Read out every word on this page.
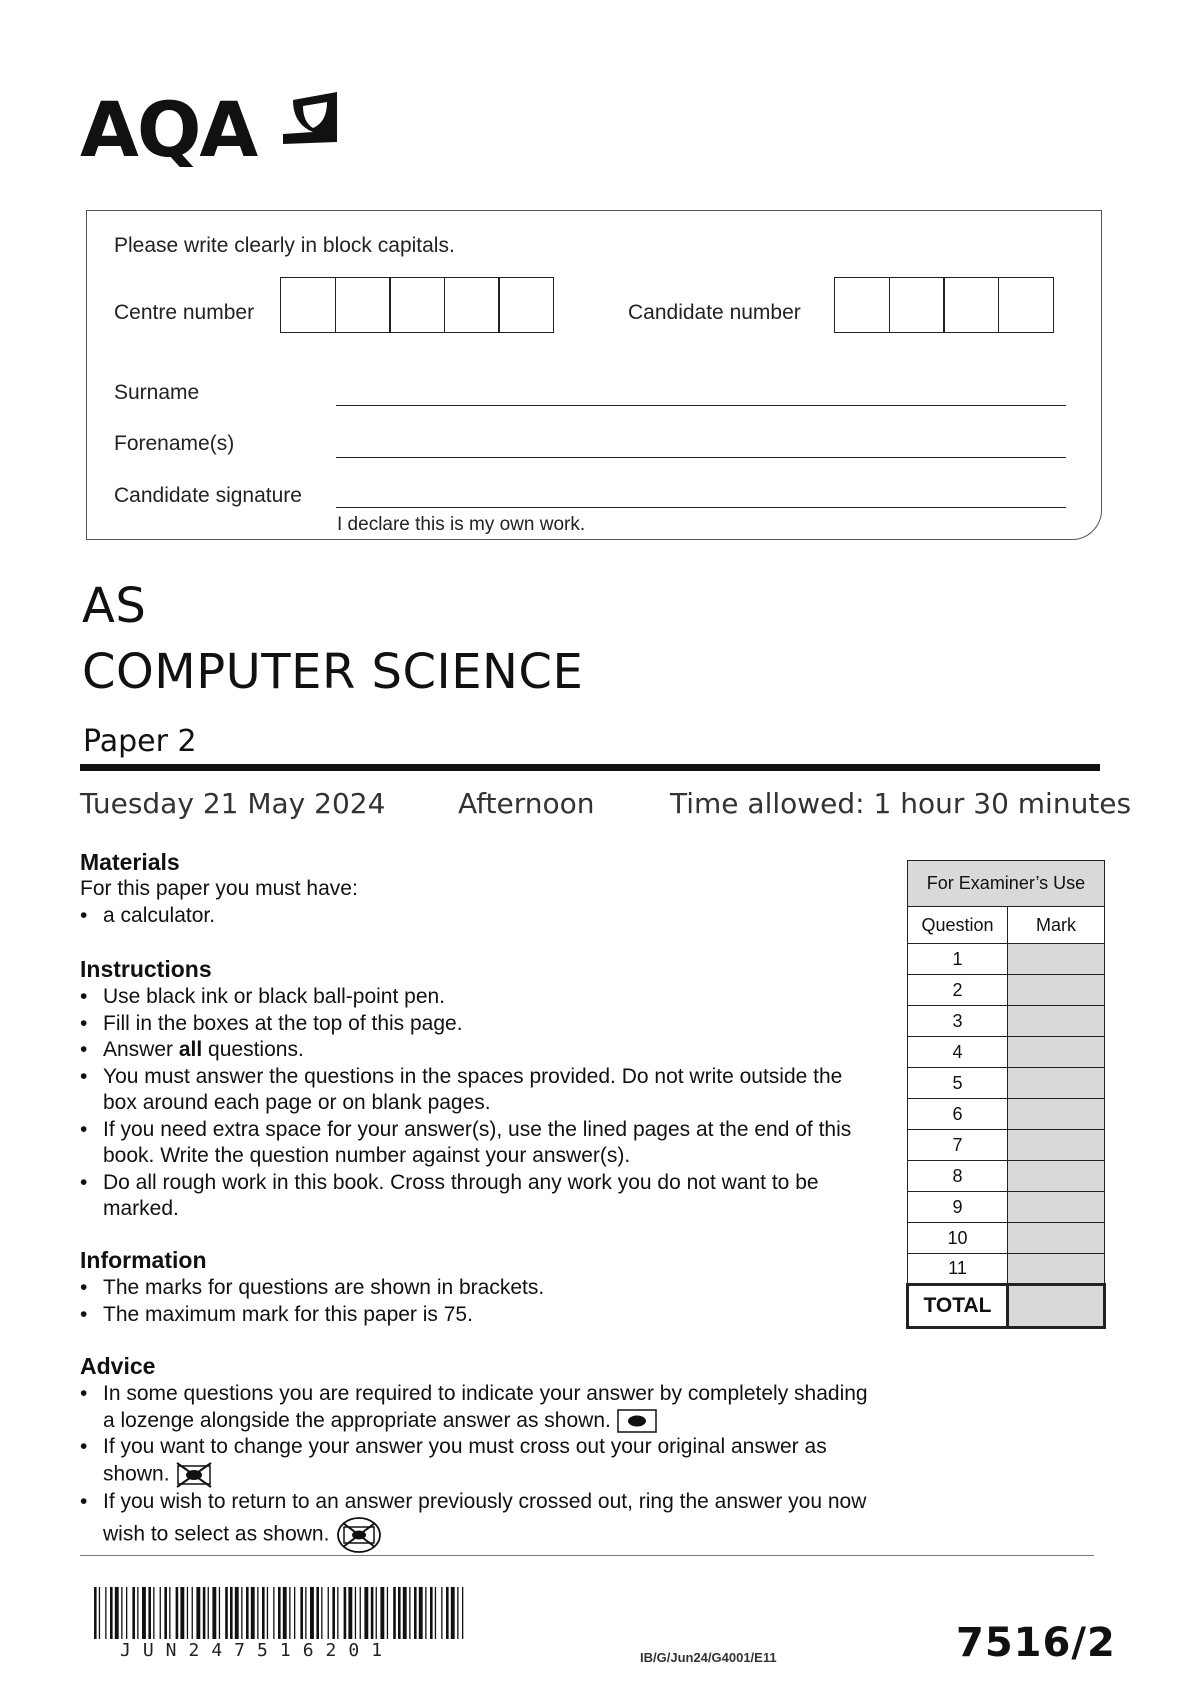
AQA
Please write clearly in block capitals.
Centre number	Candidate number
Surname
Forename(s)
Candidate signature
I declare this is my own work.
AS
COMPUTER SCIENCE
Paper 2
Tuesday 21 May 2024	Afternoon	Time allowed: 1 hour 30 minutes
Materials
For this paper you must have:
• a calculator.
Instructions
• Use black ink or black ball-point pen.
• Fill in the boxes at the top of this page.
• Answer all questions.
• You must answer the questions in the spaces provided. Do not write outside the box around each page or on blank pages.
• If you need extra space for your answer(s), use the lined pages at the end of this book. Write the question number against your answer(s).
• Do all rough work in this book. Cross through any work you do not want to be marked.
Information
• The marks for questions are shown in brackets.
• The maximum mark for this paper is 75.
Advice
• In some questions you are required to indicate your answer by completely shading a lozenge alongside the appropriate answer as shown.
• If you want to change your answer you must cross out your original answer as shown.
• If you wish to return to an answer previously crossed out, ring the answer you now wish to select as shown.
For Examiner’s Use	
Question	Mark
1	
2	
3	
4	
5	
6	
7	
8	
9	
10	
11	
TOTAL	
JUN247516201	IB/G/Jun24/G4001/E11	7516/2
